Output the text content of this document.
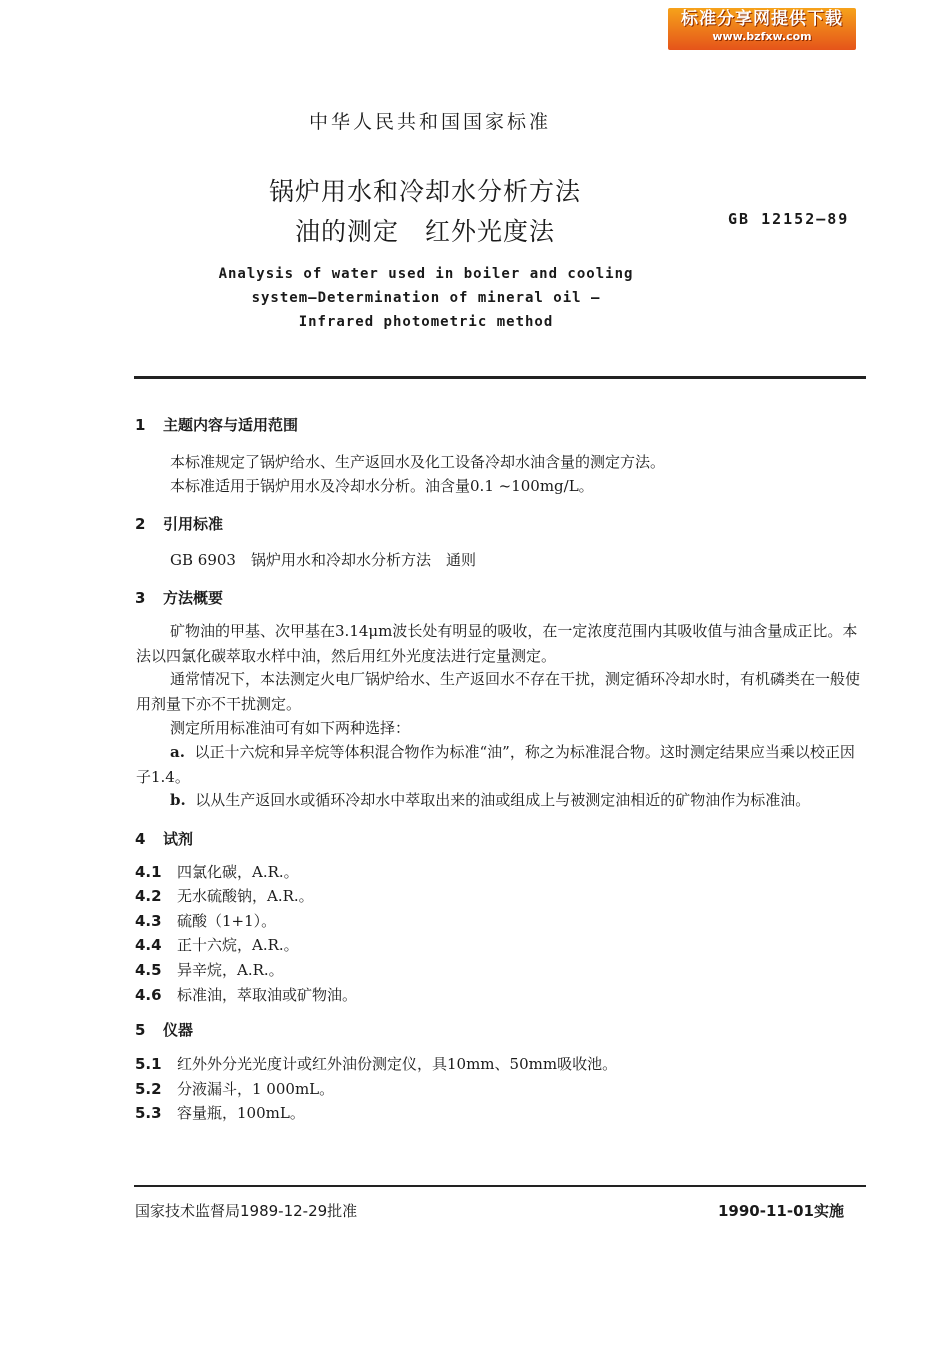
标准分享网提供下载
www.bzfxw.com
中华人民共和国国家标准
锅炉用水和冷却水分析方法
油的测定　红外光度法	GB 12152—89
Analysis of water used in boiler and cooling
system—Determination of mineral oil —
Infrared photometric method
1 主题内容与适用范围
本标准规定了锅炉给水、生产返回水及化工设备冷却水油含量的测定方法。
本标准适用于锅炉用水及冷却水分析。油含量0.1 ~100mg/L。
2 引用标准
GB 6903　锅炉用水和冷却水分析方法　通则
3 方法概要
矿物油的甲基、次甲基在3.14μm波长处有明显的吸收，在一定浓度范围内其吸收值与油含量成正比。本法以四氯化碳萃取水样中油，然后用红外光度法进行定量测定。
通常情况下，本法测定火电厂锅炉给水、生产返回水不存在干扰，测定循环冷却水时，有机磷类在一般使用剂量下亦不干扰测定。
测定所用标准油可有如下两种选择：
a. 以正十六烷和异辛烷等体积混合物作为标准“油”，称之为标准混合物。这时测定结果应当乘以校正因子1.4。
b. 以从生产返回水或循环冷却水中萃取出来的油或组成上与被测定油相近的矿物油作为标准油。
4 试剂
4.1 四氯化碳，A.R.。
4.2 无水硫酸钠，A.R.。
4.3 硫酸（1+1）。
4.4 正十六烷，A.R.。
4.5 异辛烷，A.R.。
4.6 标准油，萃取油或矿物油。
5 仪器
5.1 红外外分光光度计或红外油份测定仪，具10mm、50mm吸收池。
5.2 分液漏斗，1 000mL。
5.3 容量瓶，100mL。
国家技术监督局1989-12-29批准	1990-11-01实施
